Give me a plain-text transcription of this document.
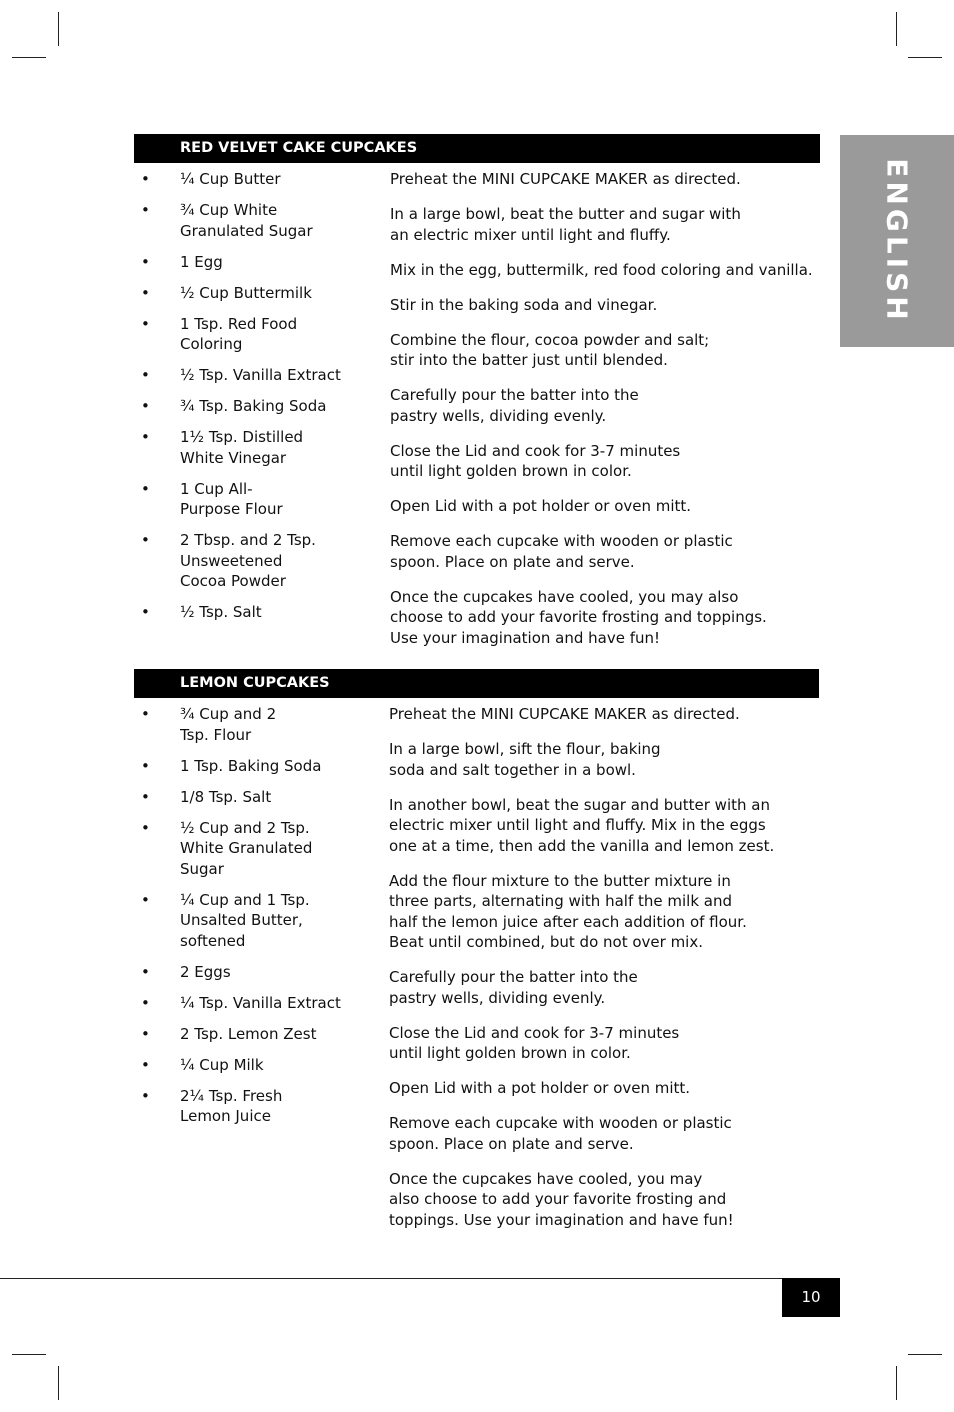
ENGLISH
RED VELVET CAKE CUPCAKES
• ¼ Cup Butter
• ¾ Cup White
Granulated Sugar
• 1 Egg
• ½ Cup Buttermilk
• 1 Tsp. Red Food
Coloring
• ½ Tsp. Vanilla Extract
• ¾ Tsp. Baking Soda
• 1½ Tsp. Distilled
White Vinegar
• 1 Cup All-
Purpose Flour
• 2 Tbsp. and 2 Tsp.
Unsweetened
Cocoa Powder
• ½ Tsp. Salt

Preheat the MINI CUPCAKE MAKER as directed.

In a large bowl, beat the butter and sugar with
an electric mixer until light and fluffy.

Mix in the egg, buttermilk, red food coloring and vanilla.

Stir in the baking soda and vinegar.

Combine the flour, cocoa powder and salt;
stir into the batter just until blended.

Carefully pour the batter into the
pastry wells, dividing evenly.

Close the Lid and cook for 3-7 minutes
until light golden brown in color.

Open Lid with a pot holder or oven mitt.

Remove each cupcake with wooden or plastic
spoon. Place on plate and serve.

Once the cupcakes have cooled, you may also
choose to add your favorite frosting and toppings.
Use your imagination and have fun!

LEMON CUPCAKES
• ¾ Cup and 2
Tsp. Flour
• 1 Tsp. Baking Soda
• 1/8 Tsp. Salt
• ½ Cup and 2 Tsp.
White Granulated
Sugar
• ¼ Cup and 1 Tsp.
Unsalted Butter,
softened
• 2 Eggs
• ¼ Tsp. Vanilla Extract
• 2 Tsp. Lemon Zest
• ¼ Cup Milk
• 2¼ Tsp. Fresh
Lemon Juice

Preheat the MINI CUPCAKE MAKER as directed.

In a large bowl, sift the flour, baking
soda and salt together in a bowl.

In another bowl, beat the sugar and butter with an
electric mixer until light and fluffy. Mix in the eggs
one at a time, then add the vanilla and lemon zest.

Add the flour mixture to the butter mixture in
three parts, alternating with half the milk and
half the lemon juice after each addition of flour.
Beat until combined, but do not over mix.

Carefully pour the batter into the
pastry wells, dividing evenly.

Close the Lid and cook for 3-7 minutes
until light golden brown in color.

Open Lid with a pot holder or oven mitt.

Remove each cupcake with wooden or plastic
spoon. Place on plate and serve.

Once the cupcakes have cooled, you may
also choose to add your favorite frosting and
toppings. Use your imagination and have fun!

10
